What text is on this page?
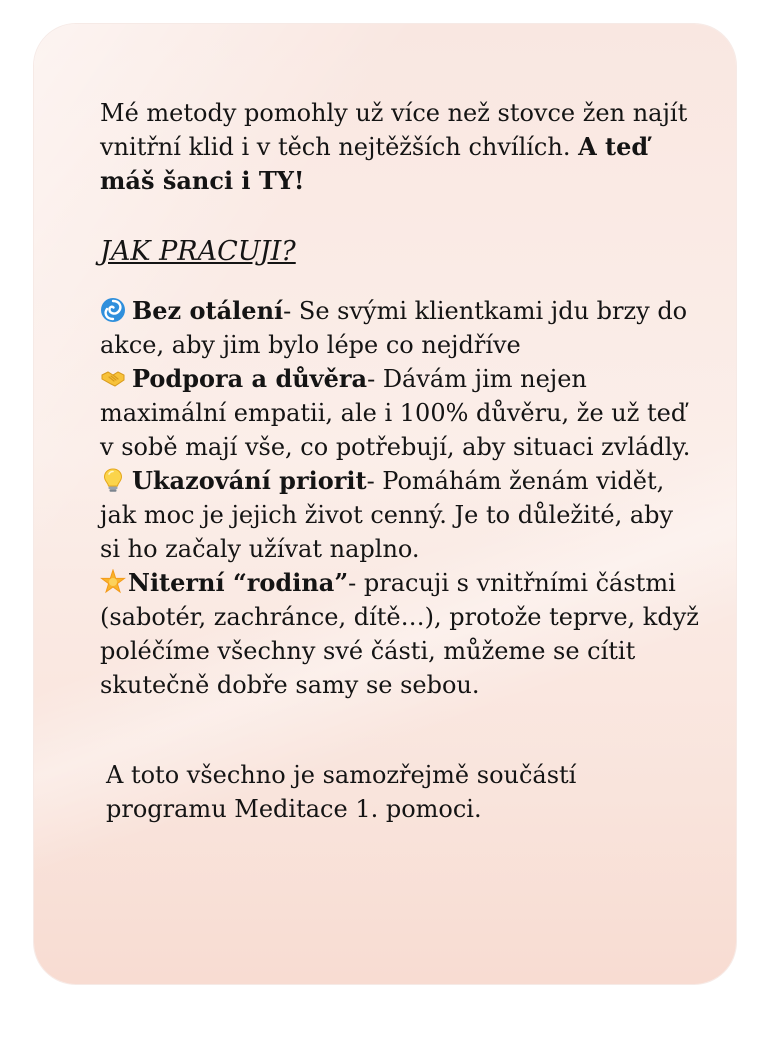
Mé metody pomohly už více než stovce žen najít vnitřní klid i v těch nejtěžších chvílích. A teď máš šanci i TY!

JAK PRACUJI?

Bez otálení- Se svými klientkami jdu brzy do akce, aby jim bylo lépe co nejdříve

Podpora a důvěra- Dávám jim nejen maximální empatii, ale i 100% důvěru, že už teď v sobě mají vše, co potřebují, aby situaci zvládly.

Ukazování priorit- Pomáhám ženám vidět, jak moc je jejich život cenný. Je to důležité, aby si ho začaly užívat naplno.

Niterní “rodina”- pracuji s vnitřními částmi (sabotér, zachránce, dítě…), protože teprve, když poléčíme všechny své části, můžeme se cítit skutečně dobře samy se sebou.

A toto všechno je samozřejmě součástí programu Meditace 1. pomoci.
